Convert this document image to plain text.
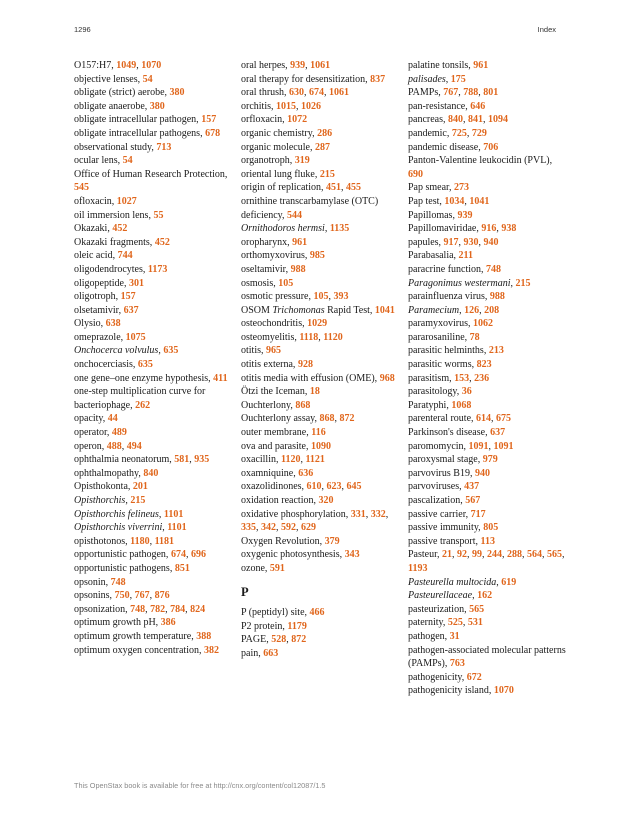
1296	Index
O157:H7, 1049, 1070
objective lenses, 54
obligate (strict) aerobe, 380
obligate anaerobe, 380
obligate intracellular pathogen, 157
obligate intracellular pathogens, 678
observational study, 713
ocular lens, 54
Office of Human Research Protection, 545
ofloxacin, 1027
oil immersion lens, 55
Okazaki, 452
Okazaki fragments, 452
oleic acid, 744
oligodendrocytes, 1173
oligopeptide, 301
oligotroph, 157
olsetamivir, 637
Olysio, 638
omeprazole, 1075
Onchocerca volvulus, 635
onchocerciasis, 635
one gene–one enzyme hypothesis, 411
one-step multiplication curve for bacteriophage, 262
opacity, 44
operator, 489
operon, 488, 494
ophthalmia neonatorum, 581, 935
ophthalmopathy, 840
Opisthokonta, 201
Opisthorchis, 215
Opisthorchis felineus, 1101
Opisthorchis viverrini, 1101
opisthotonos, 1180, 1181
opportunistic pathogen, 674, 696
opportunistic pathogens, 851
opsonin, 748
opsonins, 750, 767, 876
opsonization, 748, 782, 784, 824
optimum growth pH, 386
optimum growth temperature, 388
optimum oxygen concentration, 382
oral herpes, 939, 1061
oral therapy for desensitization, 837
oral thrush, 630, 674, 1061
orchitis, 1015, 1026
orfloxacin, 1072
organic chemistry, 286
organic molecule, 287
organotroph, 319
oriental lung fluke, 215
origin of replication, 451, 455
ornithine transcarbamylase (OTC) deficiency, 544
Ornithodoros hermsi, 1135
oropharynx, 961
orthomyxovirus, 985
oseltamivir, 988
osmosis, 105
osmotic pressure, 105, 393
OSOM Trichomonas Rapid Test, 1041
osteochondritis, 1029
osteomyelitis, 1118, 1120
otitis, 965
otitis externa, 928
otitis media with effusion (OME), 968
Ötzi the Iceman, 18
Ouchterlony, 868
Ouchterlony assay, 868, 872
outer membrane, 116
ova and parasite, 1090
oxacillin, 1120, 1121
oxamniquine, 636
oxazolidinones, 610, 623, 645
oxidation reaction, 320
oxidative phosphorylation, 331, 332, 335, 342, 592, 629
Oxygen Revolution, 379
oxygenic photosynthesis, 343
ozone, 591
P
P (peptidyl) site, 466
P2 protein, 1179
PAGE, 528, 872
pain, 663
palatine tonsils, 961
palisades, 175
PAMPs, 767, 788, 801
pan-resistance, 646
pancreas, 840, 841, 1094
pandemic, 725, 729
pandemic disease, 706
Panton-Valentine leukocidin (PVL), 690
Pap smear, 273
Pap test, 1034, 1041
Papillomas, 939
Papillomaviridae, 916, 938
papules, 917, 930, 940
Parabasalia, 211
paracrine function, 748
Paragonimus westermani, 215
parainfluenza virus, 988
Paramecium, 126, 208
paramyxovirus, 1062
pararosaniline, 78
parasitic helminths, 213
parasitic worms, 823
parasitism, 153, 236
parasitology, 36
Paratyphi, 1068
parenteral route, 614, 675
Parkinson's disease, 637
paromomycin, 1091, 1091
paroxysmal stage, 979
parvovirus B19, 940
parvoviruses, 437
pascalization, 567
passive carrier, 717
passive immunity, 805
passive transport, 113
Pasteur, 21, 92, 99, 244, 288, 564, 565, 1193
Pasteurella multocida, 619
Pasteurellaceae, 162
pasteurization, 565
paternity, 525, 531
pathogen, 31
pathogen-associated molecular patterns (PAMPs), 763
pathogenicity, 672
pathogenicity island, 1070
This OpenStax book is available for free at http://cnx.org/content/col12087/1.5
